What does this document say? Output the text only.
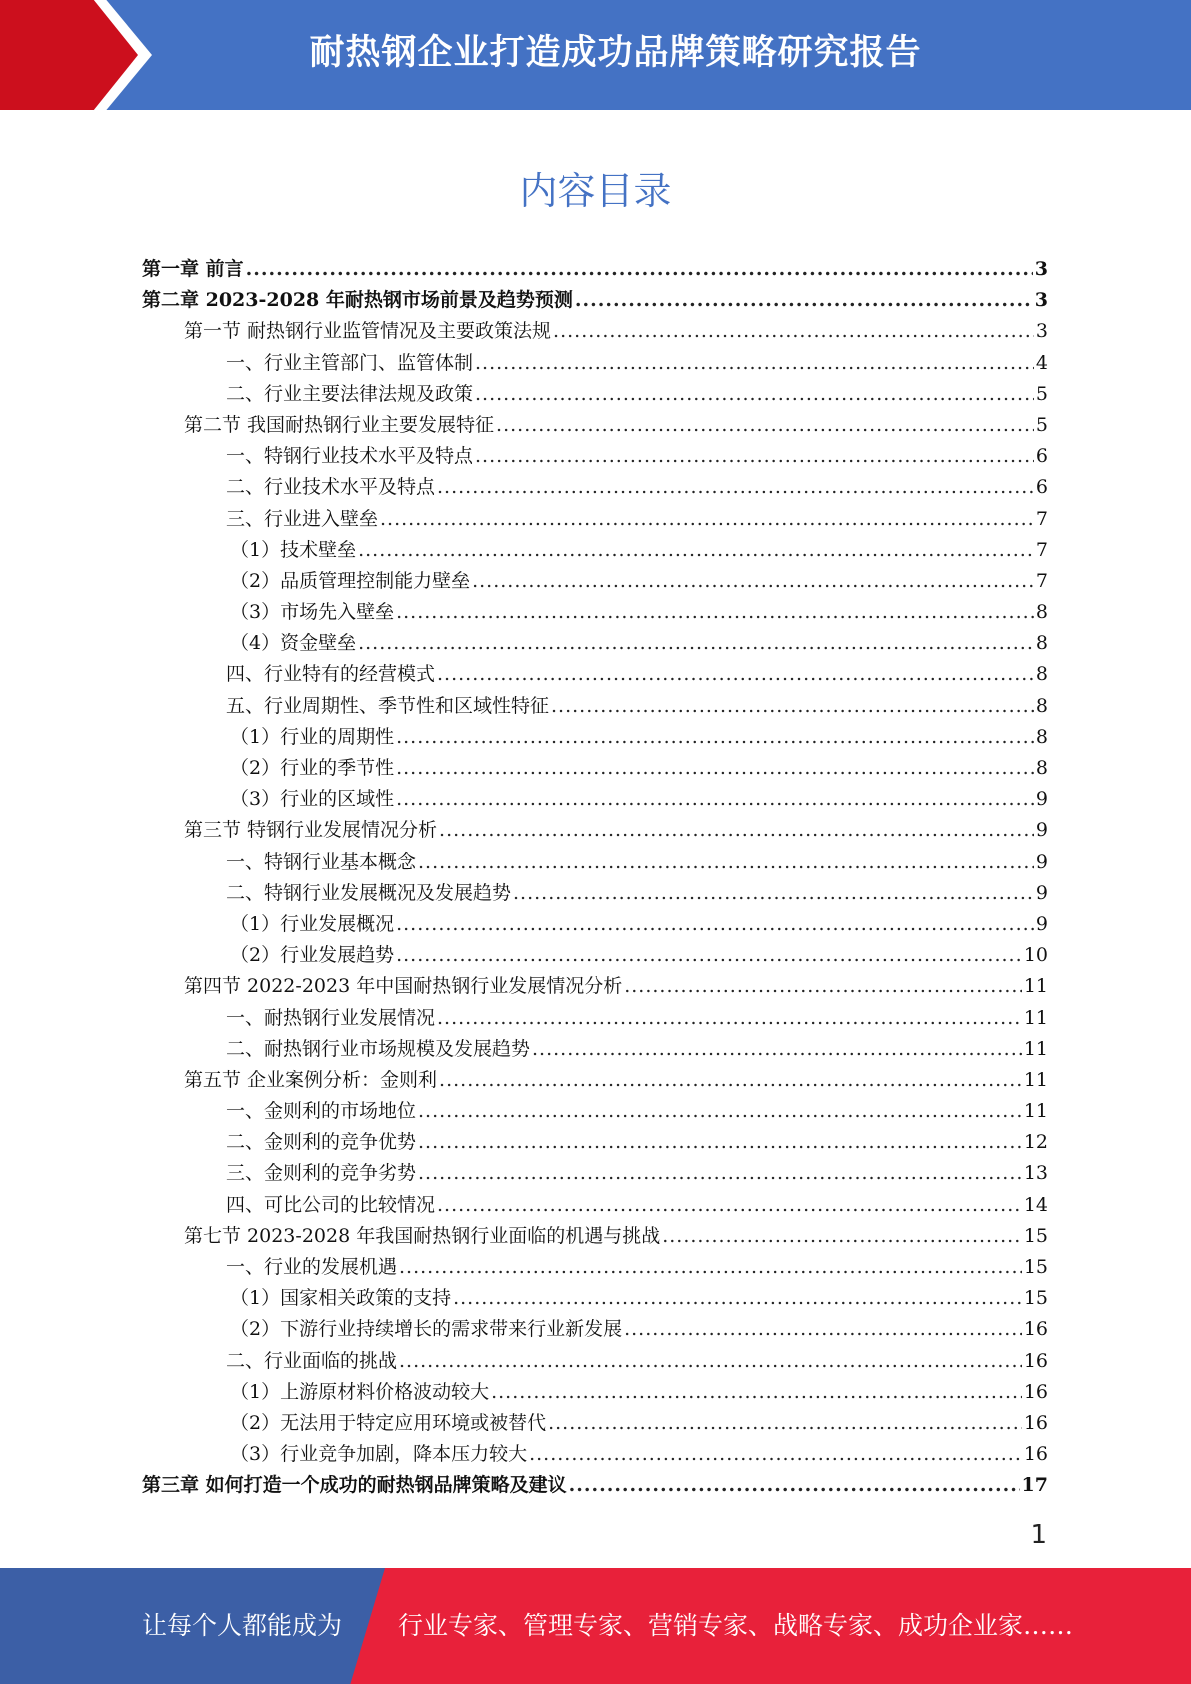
耐热钢企业打造成功品牌策略研究报告
内容目录
第一章 前言 .....	3
第二章 2023-2028 年耐热钢市场前景及趋势预测 .....	3
第一节 耐热钢行业监管情况及主要政策法规 .....	3
一、行业主管部门、监管体制 .....	4
二、行业主要法律法规及政策 .....	5
第二节 我国耐热钢行业主要发展特征 .....	5
一、特钢行业技术水平及特点 .....	6
二、行业技术水平及特点 .....	6
三、行业进入壁垒 .....	7
（1）技术壁垒 .....	7
（2）品质管理控制能力壁垒 .....	7
（3）市场先入壁垒 .....	8
（4）资金壁垒 .....	8
四、行业特有的经营模式 .....	8
五、行业周期性、季节性和区域性特征 .....	8
（1）行业的周期性 .....	8
（2）行业的季节性 .....	8
（3）行业的区域性 .....	9
第三节 特钢行业发展情况分析 .....	9
一、特钢行业基本概念 .....	9
二、特钢行业发展概况及发展趋势 .....	9
（1）行业发展概况 .....	9
（2）行业发展趋势 .....	10
第四节 2022-2023 年中国耐热钢行业发展情况分析 .....	11
一、耐热钢行业发展情况 .....	11
二、耐热钢行业市场规模及发展趋势 .....	11
第五节 企业案例分析：金则利 .....	11
一、金则利的市场地位 .....	11
二、金则利的竞争优势 .....	12
三、金则利的竞争劣势 .....	13
四、可比公司的比较情况 .....	14
第七节 2023-2028 年我国耐热钢行业面临的机遇与挑战 .....	15
一、行业的发展机遇 .....	15
（1）国家相关政策的支持 .....	15
（2）下游行业持续增长的需求带来行业新发展 .....	16
二、行业面临的挑战 .....	16
（1）上游原材料价格波动较大 .....	16
（2）无法用于特定应用环境或被替代 .....	16
（3）行业竞争加剧，降本压力较大 .....	16
第三章 如何打造一个成功的耐热钢品牌策略及建议 .....	17
1
让每个人都能成为 行业专家、管理专家、营销专家、战略专家、成功企业家……
